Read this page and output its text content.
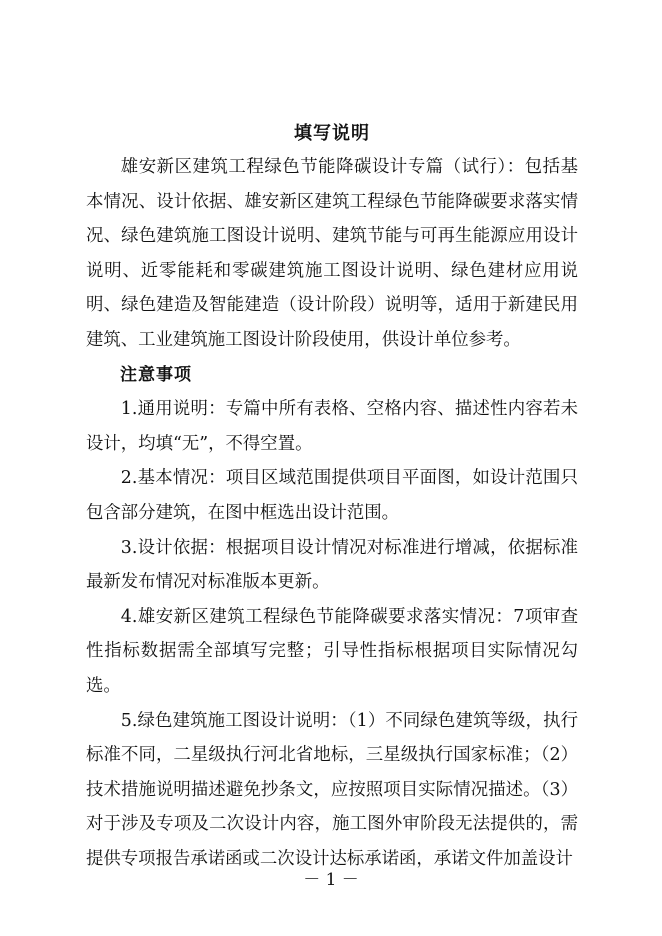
填写说明

雄安新区建筑工程绿色节能降碳设计专篇（试行）：包括基本情况、设计依据、雄安新区建筑工程绿色节能降碳要求落实情况、绿色建筑施工图设计说明、建筑节能与可再生能源应用设计说明、近零能耗和零碳建筑施工图设计说明、绿色建材应用说明、绿色建造及智能建造（设计阶段）说明等，适用于新建民用建筑、工业建筑施工图设计阶段使用，供设计单位参考。

注意事项

1.通用说明：专篇中所有表格、空格内容、描述性内容若未设计，均填“无”，不得空置。

2.基本情况：项目区域范围提供项目平面图，如设计范围只包含部分建筑，在图中框选出设计范围。

3.设计依据：根据项目设计情况对标准进行增减，依据标准最新发布情况对标准版本更新。

4.雄安新区建筑工程绿色节能降碳要求落实情况：7项审查性指标数据需全部填写完整；引导性指标根据项目实际情况勾选。

5.绿色建筑施工图设计说明：（1）不同绿色建筑等级，执行标准不同，二星级执行河北省地标，三星级执行国家标准；（2）技术措施说明描述避免抄条文，应按照项目实际情况描述。（3）对于涉及专项及二次设计内容，施工图外审阶段无法提供的，需提供专项报告承诺函或二次设计达标承诺函，承诺文件加盖设计

－ 1 －
